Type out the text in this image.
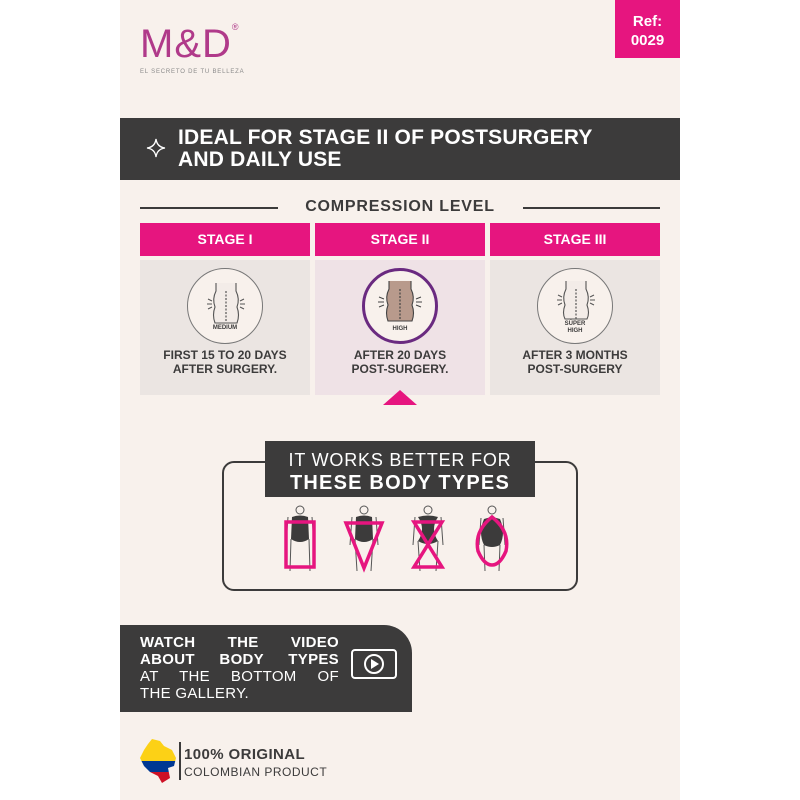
M&D®
EL SECRETO DE TU BELLEZA
Ref:
0029
IDEAL FOR STAGE II OF POSTSURGERY
AND DAILY USE
COMPRESSION LEVEL
STAGE I
MEDIUM
FIRST 15 TO 20 DAYS
AFTER SURGERY.
STAGE II
HIGH
AFTER 20 DAYS
POST-SURGERY.
STAGE III
SÚPER
HIGH
AFTER 3 MONTHS
POST-SURGERY
IT WORKS BETTER FOR
THESE BODY TYPES
WATCH THE VIDEO
ABOUT BODY TYPES
AT THE BOTTOM OF
THE GALLERY.
100% ORIGINAL
COLOMBIAN PRODUCT
